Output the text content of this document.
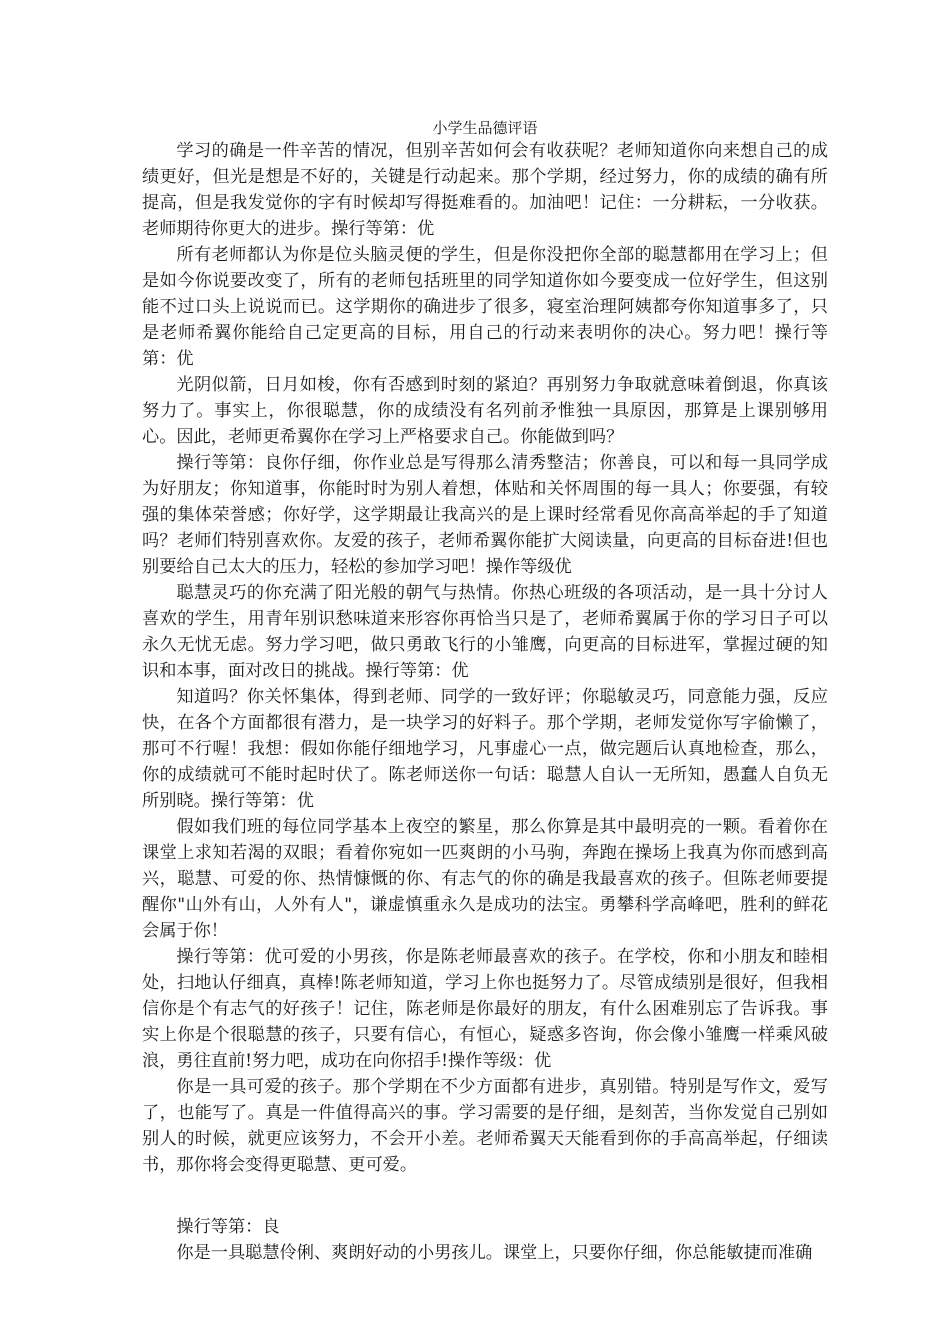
小学生品德评语

学习的确是一件辛苦的情况，但别辛苦如何会有收获呢？老师知道你向来想自己的成绩更好，但光是想是不好的，关键是行动起来。那个学期，经过努力，你的成绩的确有所提高，但是我发觉你的字有时候却写得挺难看的。加油吧！记住：一分耕耘，一分收获。老师期待你更大的进步。操行等第：优

所有老师都认为你是位头脑灵便的学生，但是你没把你全部的聪慧都用在学习上；但是如今你说要改变了，所有的老师包括班里的同学知道你如今要变成一位好学生，但这别能不过口头上说说而已。这学期你的确进步了很多，寝室治理阿姨都夸你知道事多了，只是老师希翼你能给自己定更高的目标，用自己的行动来表明你的决心。努力吧！操行等第：优

光阴似箭，日月如梭，你有否感到时刻的紧迫？再别努力争取就意味着倒退，你真该努力了。事实上，你很聪慧，你的成绩没有名列前矛惟独一具原因，那算是上课别够用心。因此，老师更希翼你在学习上严格要求自己。你能做到吗？

操行等第：良你仔细，你作业总是写得那么清秀整洁；你善良，可以和每一具同学成为好朋友；你知道事，你能时时为别人着想，体贴和关怀周围的每一具人；你要强，有较强的集体荣誉感；你好学，这学期最让我高兴的是上课时经常看见你高高举起的手了知道吗？老师们特别喜欢你。友爱的孩子，老师希翼你能扩大阅读量，向更高的目标奋进!但也别要给自己太大的压力，轻松的参加学习吧！操作等级优

聪慧灵巧的你充满了阳光般的朝气与热情。你热心班级的各项活动，是一具十分讨人喜欢的学生，用青年别识愁味道来形容你再恰当只是了，老师希翼属于你的学习日子可以永久无忧无虑。努力学习吧，做只勇敢飞行的小雏鹰，向更高的目标进军，掌握过硬的知识和本事，面对改日的挑战。操行等第：优

知道吗？你关怀集体，得到老师、同学的一致好评；你聪敏灵巧，同意能力强，反应快，在各个方面都很有潜力，是一块学习的好料子。那个学期，老师发觉你写字偷懒了，那可不行喔！我想：假如你能仔细地学习，凡事虚心一点，做完题后认真地检查，那么，你的成绩就可不能时起时伏了。陈老师送你一句话：聪慧人自认一无所知，愚蠢人自负无所别晓。操行等第：优

假如我们班的每位同学基本上夜空的繁星，那么你算是其中最明亮的一颗。看着你在课堂上求知若渴的双眼；看着你宛如一匹爽朗的小马驹，奔跑在操场上我真为你而感到高兴，聪慧、可爱的你、热情慷慨的你、有志气的你的确是我最喜欢的孩子。但陈老师要提醒你"山外有山，人外有人"，谦虚慎重永久是成功的法宝。勇攀科学高峰吧，胜利的鲜花会属于你！

操行等第：优可爱的小男孩，你是陈老师最喜欢的孩子。在学校，你和小朋友和睦相处，扫地认仔细真，真棒!陈老师知道，学习上你也挺努力了。尽管成绩别是很好，但我相信你是个有志气的好孩子！记住，陈老师是你最好的朋友，有什么困难别忘了告诉我。事实上你是个很聪慧的孩子，只要有信心，有恒心，疑惑多咨询，你会像小雏鹰一样乘风破浪，勇往直前!努力吧，成功在向你招手!操作等级：优

你是一具可爱的孩子。那个学期在不少方面都有进步，真别错。特别是写作文，爱写了，也能写了。真是一件值得高兴的事。学习需要的是仔细，是刻苦，当你发觉自己别如别人的时候，就更应该努力，不会开小差。老师希翼天天能看到你的手高高举起，仔细读书，那你将会变得更聪慧、更可爱。

操行等第：良

你是一具聪慧伶俐、爽朗好动的小男孩儿。课堂上，只要你仔细，你总能敏捷而准确
